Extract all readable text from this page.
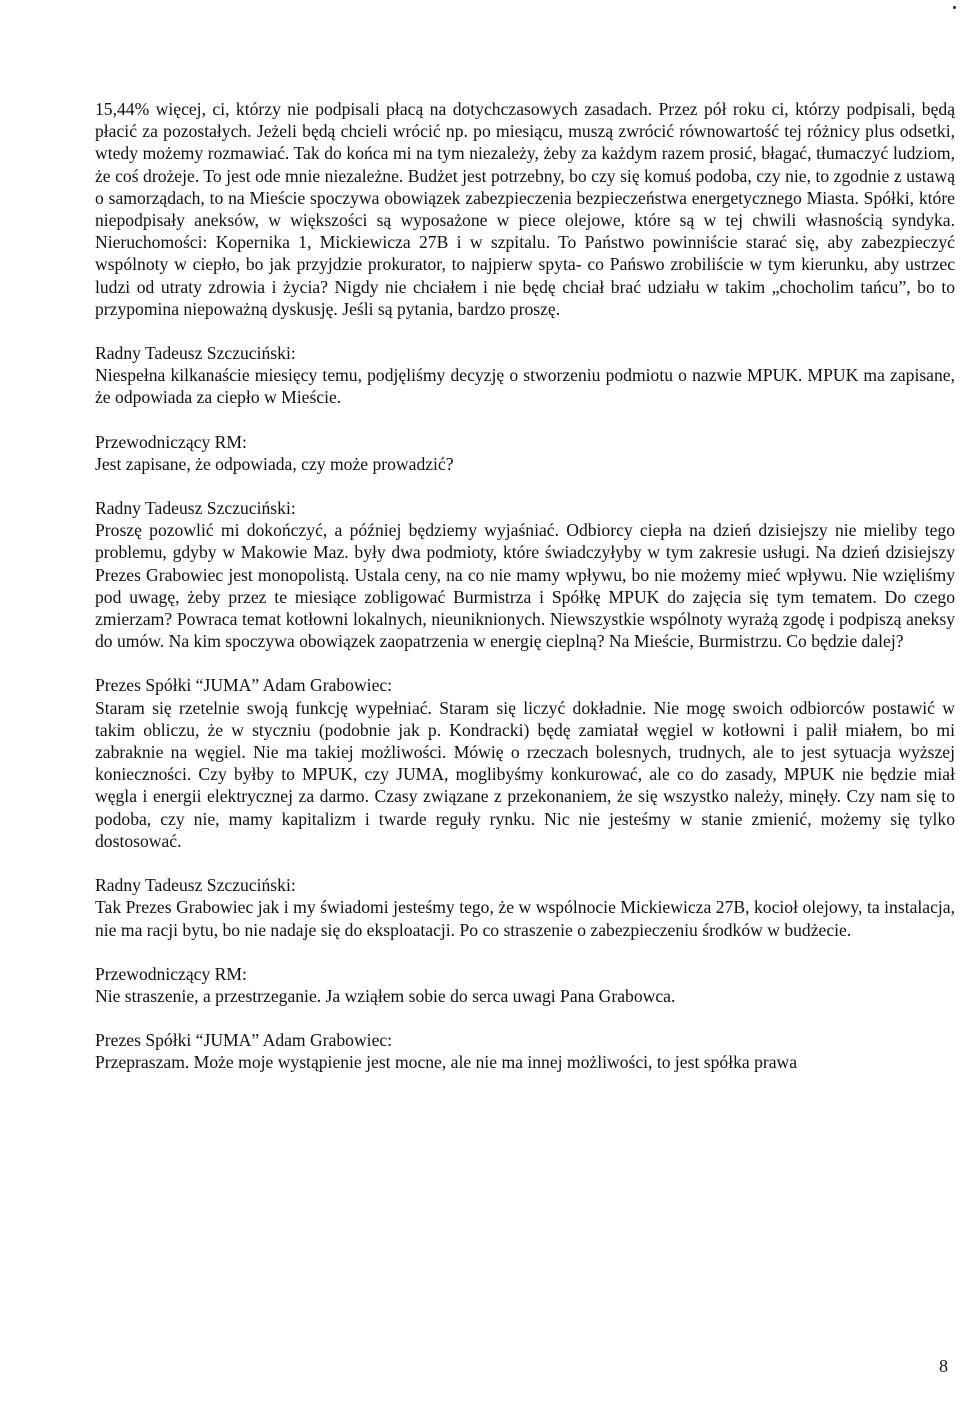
15,44% więcej, ci, którzy nie podpisali płacą na dotychczasowych zasadach. Przez pół roku ci, którzy podpisali, będą płacić za pozostałych. Jeżeli będą chcieli wrócić np. po miesiącu, muszą zwrócić równowartość tej różnicy plus odsetki, wtedy możemy rozmawiać. Tak do końca mi na tym niezależy, żeby za każdym razem prosić, błagać, tłumaczyć ludziom, że coś drożeje. To jest ode mnie niezależne. Budżet jest potrzebny, bo czy się komuś podoba, czy nie, to zgodnie z ustawą o samorządach, to na Mieście spoczywa obowiązek zabezpieczenia bezpieczeństwa energetycznego Miasta. Spółki, które niepodpisały aneksów, w większości są wyposażone w piece olejowe, które są w tej chwili własnością syndyka. Nieruchomości: Kopernika 1, Mickiewicza 27B i w szpitalu. To Państwo powinniście starać się, aby zabezpieczyć wspólnoty w ciepło, bo jak przyjdzie prokurator, to najpierw spyta- co Pańswo zrobiliście w tym kierunku, aby ustrzec ludzi od utraty zdrowia i życia? Nigdy nie chciałem i nie będę chciał brać udziału w takim „chocholim tańcu”, bo to przypomina niepoważną dyskusję. Jeśli są pytania, bardzo proszę.

Radny Tadeusz Szczuciński:

Niespełna kilkanaście miesięcy temu, podjęliśmy decyzję o stworzeniu podmiotu o nazwie MPUK. MPUK ma zapisane, że odpowiada za ciepło w Mieście.

Przewodniczący RM:

Jest zapisane, że odpowiada, czy może prowadzić?

Radny Tadeusz Szczuciński:

Proszę pozowlić mi dokończyć, a później będziemy wyjaśniać. Odbiorcy ciepła na dzień dzisiejszy nie mieliby tego problemu, gdyby w Makowie Maz. były dwa podmioty, które świadczyłyby w tym zakresie usługi. Na dzień dzisiejszy Prezes Grabowiec jest monopolistą. Ustala ceny, na co nie mamy wpływu, bo nie możemy mieć wpływu. Nie wzięliśmy pod uwagę, żeby przez te miesiące zobligować Burmistrza i Spółkę MPUK do zajęcia się tym tematem. Do czego zmierzam? Powraca temat kotłowni lokalnych, nieuniknionych. Niewszystkie wspólnoty wyrażą zgodę i podpiszą aneksy do umów. Na kim spoczywa obowiązek zaopatrzenia w energię cieplną? Na Mieście, Burmistrzu. Co będzie dalej?

Prezes Spółki “JUMA” Adam Grabowiec:

Staram się rzetelnie swoją funkcję wypełniać. Staram się liczyć dokładnie. Nie mogę swoich odbiorców postawić w takim obliczu, że w styczniu (podobnie jak p. Kondracki) będę zamiatał węgiel w kotłowni i palił miałem, bo mi zabraknie na węgiel. Nie ma takiej możliwości. Mówię o rzeczach bolesnych, trudnych, ale to jest sytuacja wyższej konieczności. Czy byłby to MPUK, czy JUMA, moglibyśmy konkurować, ale co do zasady, MPUK nie będzie miał węgla i energii elektrycznej za darmo. Czasy związane z przekonaniem, że się wszystko należy, minęły. Czy nam się to podoba, czy nie, mamy kapitalizm i twarde reguły rynku. Nic nie jesteśmy w stanie zmienić, możemy się tylko dostosować.

Radny Tadeusz Szczuciński:

Tak Prezes Grabowiec jak i my świadomi jesteśmy tego, że w wspólnocie Mickiewicza 27B, kocioł olejowy, ta instalacja, nie ma racji bytu, bo nie nadaje się do eksploatacji. Po co straszenie o zabezpieczeniu środków w budżecie.

Przewodniczący RM:

Nie straszenie, a przestrzeganie. Ja wziąłem sobie do serca uwagi Pana Grabowca.

Prezes Spółki “JUMA” Adam Grabowiec:

Przepraszam. Może moje wystąpienie jest mocne, ale nie ma innej możliwości, to jest spółka prawa

8
